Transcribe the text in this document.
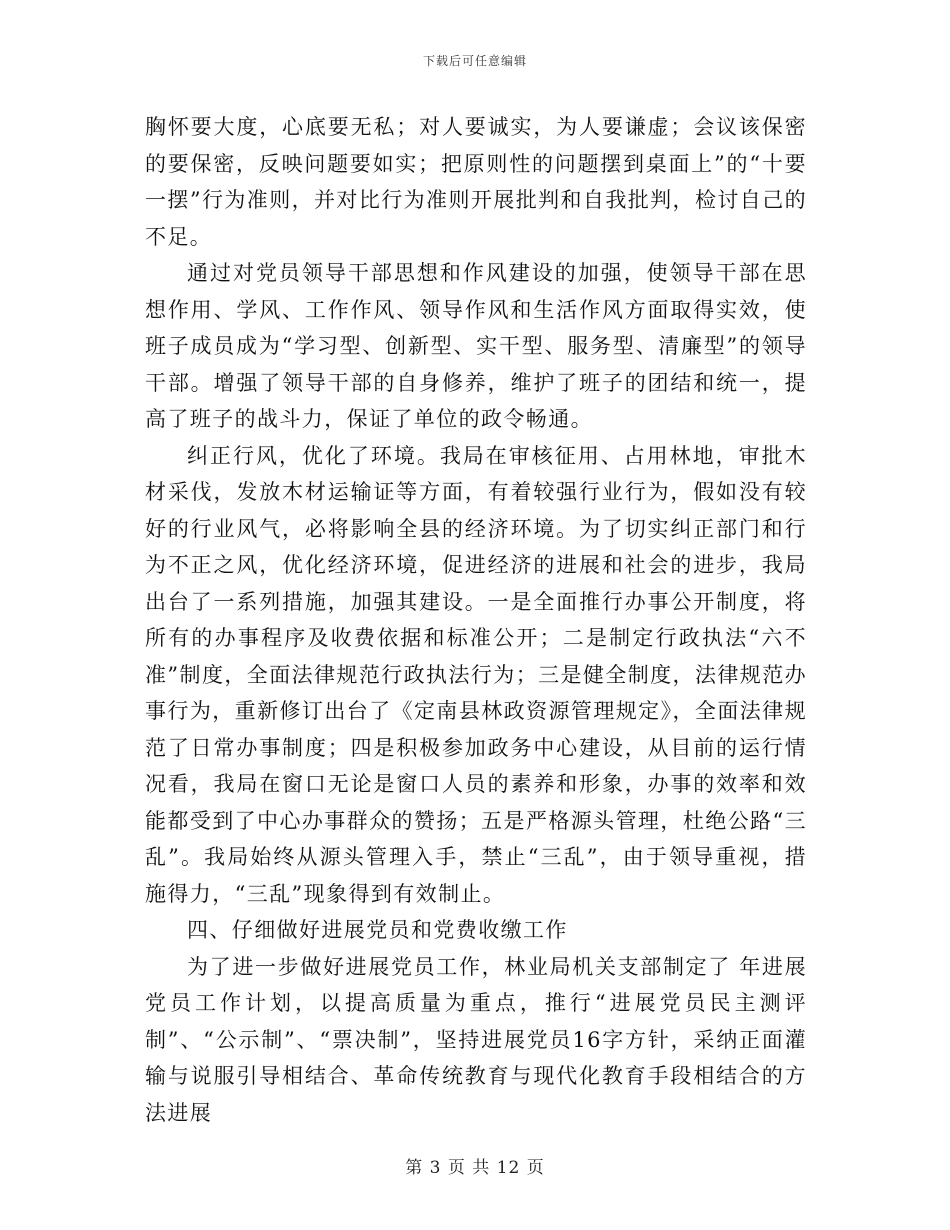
下载后可任意编辑

胸怀要大度，心底要无私；对人要诚实，为人要谦虚；会议该保密的要保密，反映问题要如实；把原则性的问题摆到桌面上”的“十要一摆”行为准则，并对比行为准则开展批判和自我批判，检讨自己的不足。

通过对党员领导干部思想和作风建设的加强，使领导干部在思想作用、学风、工作作风、领导作风和生活作风方面取得实效，使班子成员成为“学习型、创新型、实干型、服务型、清廉型”的领导干部。增强了领导干部的自身修养，维护了班子的团结和统一，提高了班子的战斗力，保证了单位的政令畅通。

纠正行风，优化了环境。我局在审核征用、占用林地，审批木材采伐，发放木材运输证等方面，有着较强行业行为，假如没有较好的行业风气，必将影响全县的经济环境。为了切实纠正部门和行为不正之风，优化经济环境，促进经济的进展和社会的进步，我局出台了一系列措施，加强其建设。一是全面推行办事公开制度，将所有的办事程序及收费依据和标准公开；二是制定行政执法“六不准”制度，全面法律规范行政执法行为；三是健全制度，法律规范办事行为，重新修订出台了《定南县林政资源管理规定》，全面法律规范了日常办事制度；四是积极参加政务中心建设，从目前的运行情况看，我局在窗口无论是窗口人员的素养和形象，办事的效率和效能都受到了中心办事群众的赞扬；五是严格源头管理，杜绝公路“三乱”。我局始终从源头管理入手，禁止“三乱”，由于领导重视，措施得力，“三乱”现象得到有效制止。

四、仔细做好进展党员和党费收缴工作

为了进一步做好进展党员工作，林业局机关支部制定了 年进展党员工作计划，以提高质量为重点，推行“进展党员民主测评制”、“公示制”、“票决制”，坚持进展党员16字方针，采纳正面灌输与说服引导相结合、革命传统教育与现代化教育手段相结合的方法进展

第 3 页 共 12 页
